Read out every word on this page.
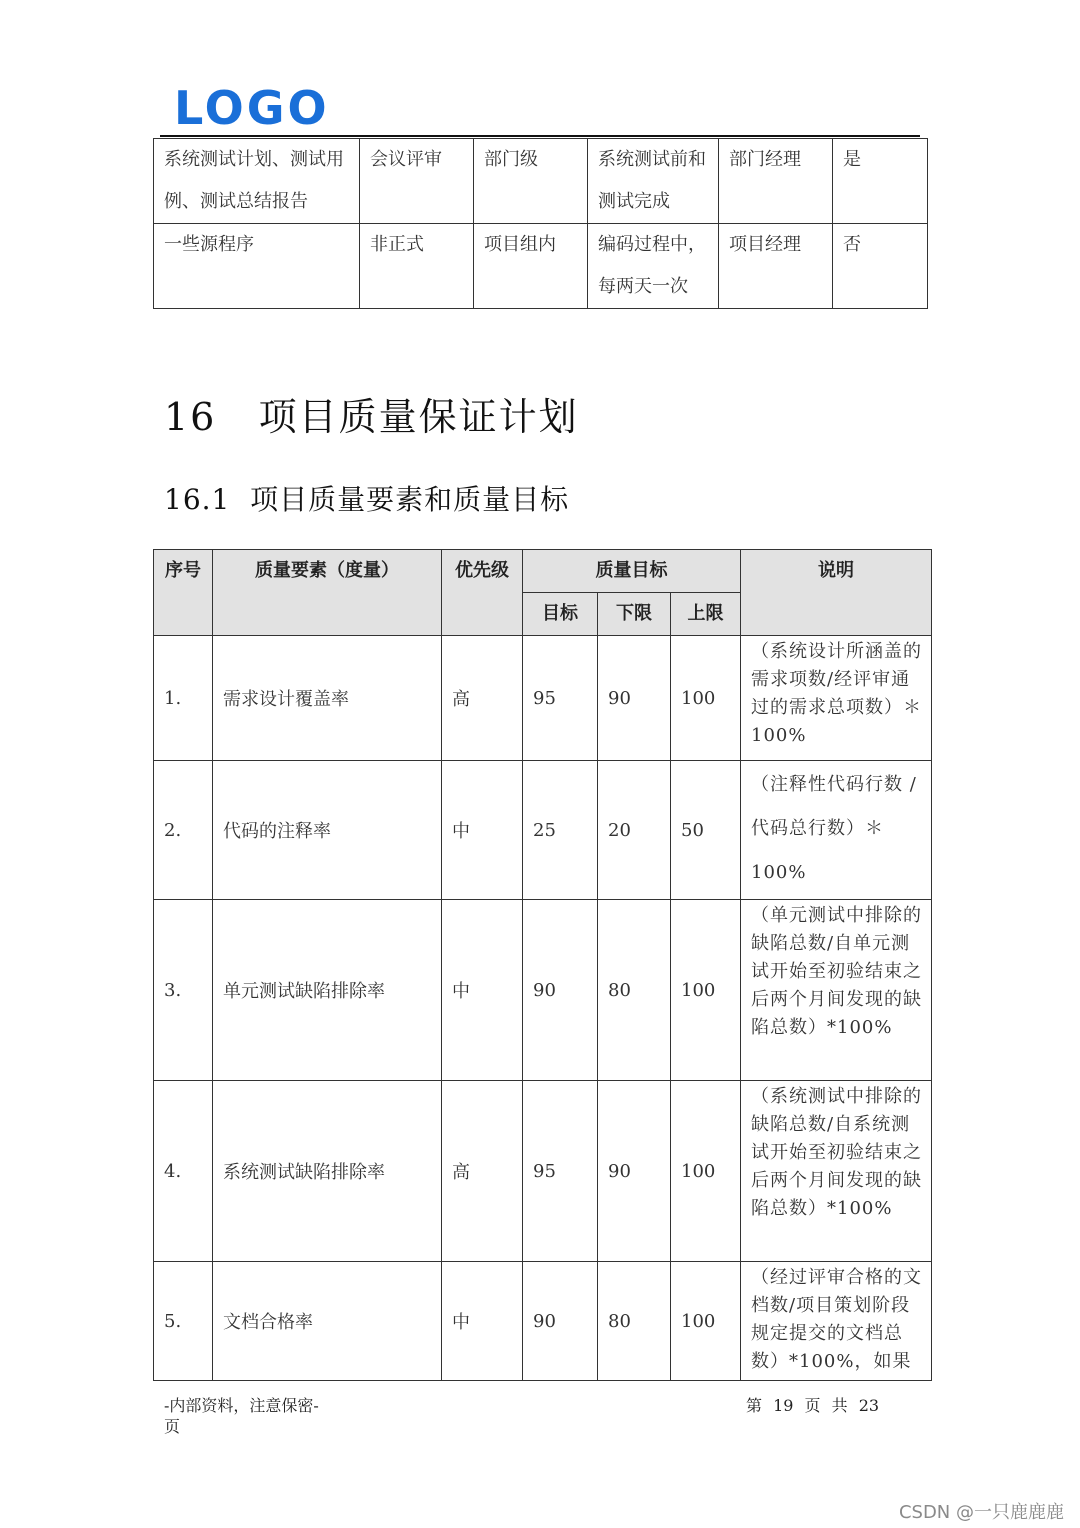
LOGO
系统测试计划、测试用例、测试总结报告	会议评审	部门级	系统测试前和测试完成	部门经理	是
一些源程序	非正式	项目组内	编码过程中，每两天一次	项目经理	否
16 项目质量保证计划
16.1 项目质量要素和质量目标
序号	质量要素（度量）	优先级	质量目标			说明
			目标	下限	上限	
1.	需求设计覆盖率	高	95	90	100	（系统设计所涵盖的需求项数/经评审通过的需求总项数）＊ 100%
2.	代码的注释率	中	25	20	50	（注释性代码行数 / 代码总行数）＊ 100%
3.	单元测试缺陷排除率	中	90	80	100	（单元测试中排除的缺陷总数/自单元测试开始至初验结束之后两个月间发现的缺陷总数）*100%
4.	系统测试缺陷排除率	高	95	90	100	（系统测试中排除的缺陷总数/自系统测试开始至初验结束之后两个月间发现的缺陷总数）*100%
5.	文档合格率	中	90	80	100	（经过评审合格的文档数/项目策划阶段规定提交的文档总数）*100%，如果
-内部资料，注意保密-页
第 19 页 共 23
CSDN @一只鹿鹿鹿
